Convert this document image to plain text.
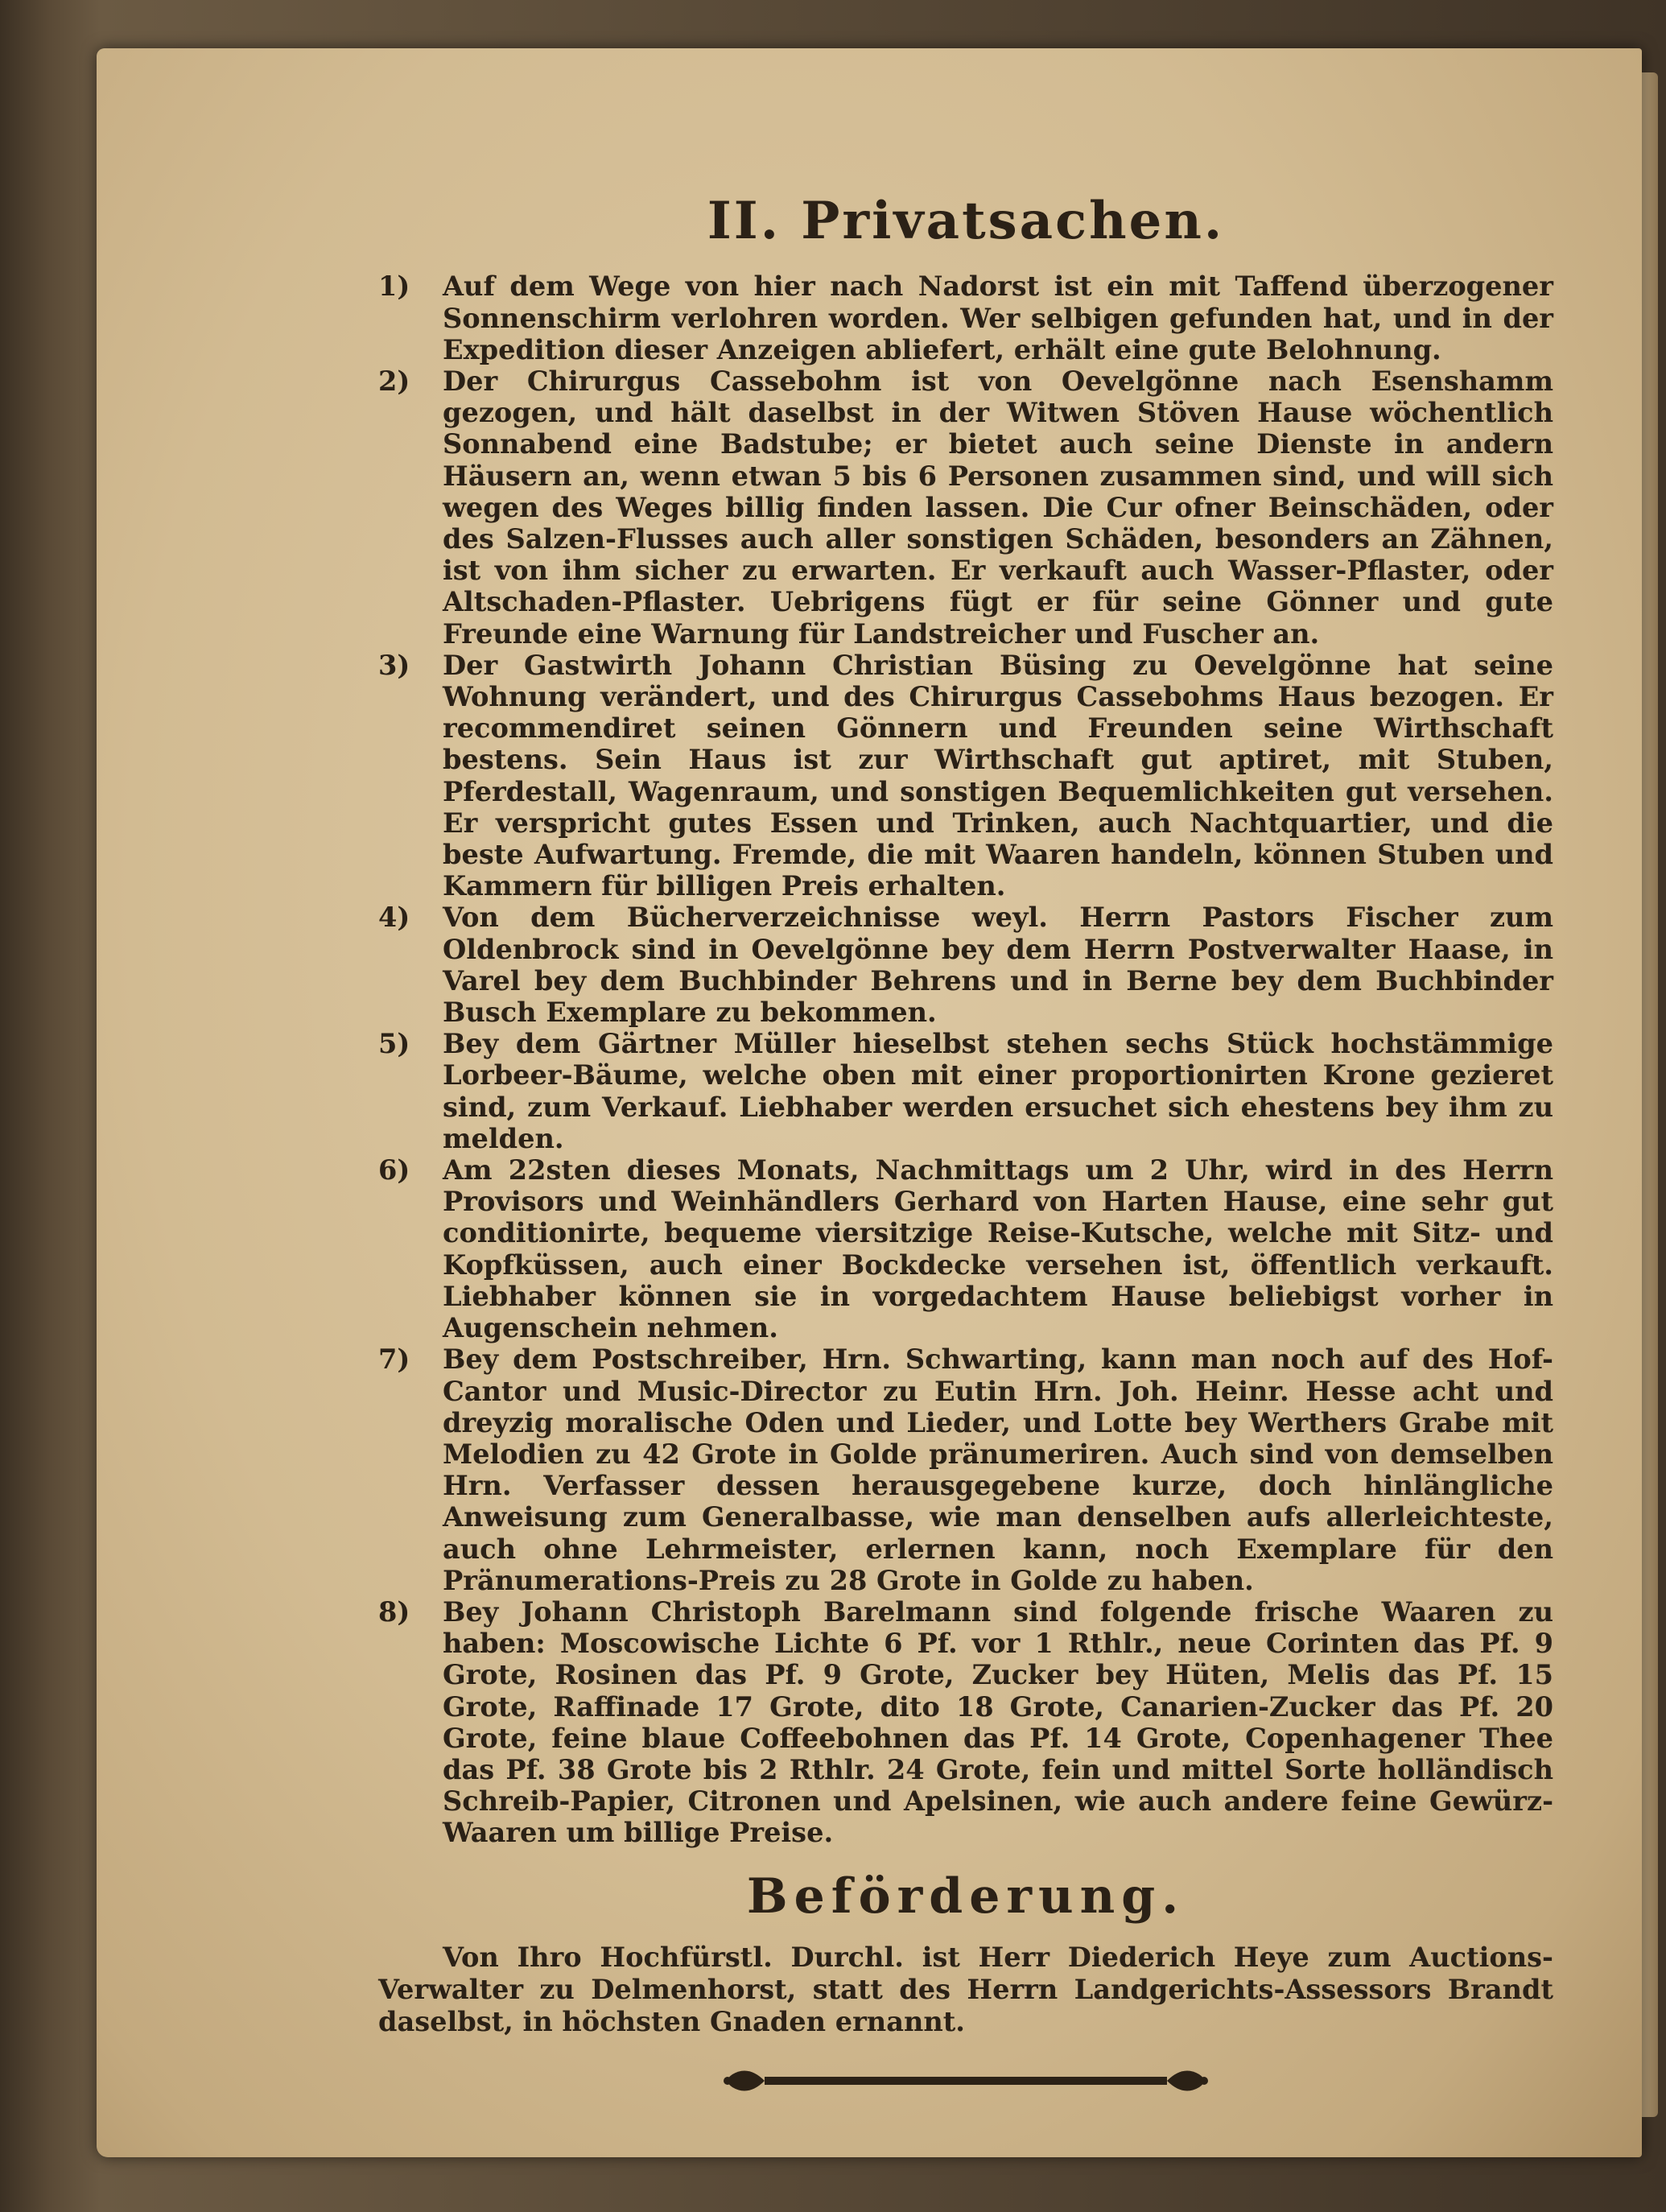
II. Privatsachen.

1)	Auf dem Wege von hier nach Nadorst ist ein mit Taffend überzogener Sonnenschirm verlohren worden. Wer selbigen gefunden hat, und in der Expedition dieser Anzeigen abliefert, erhält eine gute Belohnung.

2)	Der Chirurgus Cassebohm ist von Oevelgönne nach Esenshamm gezogen, und hält daselbst in der Witwen Stöven Hause wöchentlich Sonnabend eine Badstube; er bietet auch seine Dienste in andern Häusern an, wenn etwan 5 bis 6 Personen zusammen sind, und will sich wegen des Weges billig finden lassen. Die Cur ofner Beinschäden, oder des Salzen-Flusses auch aller sonstigen Schäden, besonders an Zähnen, ist von ihm sicher zu erwarten. Er verkauft auch Wasser-Pflaster, oder Altschaden-Pflaster. Uebrigens fügt er für seine Gönner und gute Freunde eine Warnung für Landstreicher und Fuscher an.

3)	Der Gastwirth Johann Christian Büsing zu Oevelgönne hat seine Wohnung verändert, und des Chirurgus Cassebohms Haus bezogen. Er recommendiret seinen Gönnern und Freunden seine Wirthschaft bestens. Sein Haus ist zur Wirthschaft gut aptiret, mit Stuben, Pferdestall, Wagenraum, und sonstigen Bequemlichkeiten gut versehen. Er verspricht gutes Essen und Trinken, auch Nachtquartier, und die beste Aufwartung. Fremde, die mit Waaren handeln, können Stuben und Kammern für billigen Preis erhalten.

4)	Von dem Bücherverzeichnisse weyl. Herrn Pastors Fischer zum Oldenbrock sind in Oevelgönne bey dem Herrn Postverwalter Haase, in Varel bey dem Buchbinder Behrens und in Berne bey dem Buchbinder Busch Exemplare zu bekommen.

5)	Bey dem Gärtner Müller hieselbst stehen sechs Stück hochstämmige Lorbeer-Bäume, welche oben mit einer proportionirten Krone gezieret sind, zum Verkauf. Liebhaber werden ersuchet sich ehestens bey ihm zu melden.

6)	Am 22sten dieses Monats, Nachmittags um 2 Uhr, wird in des Herrn Provisors und Weinhändlers Gerhard von Harten Hause, eine sehr gut conditionirte, bequeme viersitzige Reise-Kutsche, welche mit Sitz- und Kopfküssen, auch einer Bockdecke versehen ist, öffentlich verkauft. Liebhaber können sie in vorgedachtem Hause beliebigst vorher in Augenschein nehmen.

7)	Bey dem Postschreiber, Hrn. Schwarting, kann man noch auf des Hof-Cantor und Music-Director zu Eutin Hrn. Joh. Heinr. Hesse acht und dreyzig moralische Oden und Lieder, und Lotte bey Werthers Grabe mit Melodien zu 42 Grote in Golde pränumeriren. Auch sind von demselben Hrn. Verfasser dessen herausgegebene kurze, doch hinlängliche Anweisung zum Generalbasse, wie man denselben aufs allerleichteste, auch ohne Lehrmeister, erlernen kann, noch Exemplare für den Pränumerations-Preis zu 28 Grote in Golde zu haben.

8)	Bey Johann Christoph Barelmann sind folgende frische Waaren zu haben: Moscowische Lichte 6 Pf. vor 1 Rthlr., neue Corinten das Pf. 9 Grote, Rosinen das Pf. 9 Grote, Zucker bey Hüten, Melis das Pf. 15 Grote, Raffinade 17 Grote, dito 18 Grote, Canarien-Zucker das Pf. 20 Grote, feine blaue Coffeebohnen das Pf. 14 Grote, Copenhagener Thee das Pf. 38 Grote bis 2 Rthlr. 24 Grote, fein und mittel Sorte holländisch Schreib-Papier, Citronen und Apelsinen, wie auch andere feine Gewürz-Waaren um billige Preise.

Beförderung.

Von Ihro Hochfürstl. Durchl. ist Herr Diederich Heye zum Auctions-Verwalter zu Delmenhorst, statt des Herrn Landgerichts-Assessors Brandt daselbst, in höchsten Gnaden ernannt.
